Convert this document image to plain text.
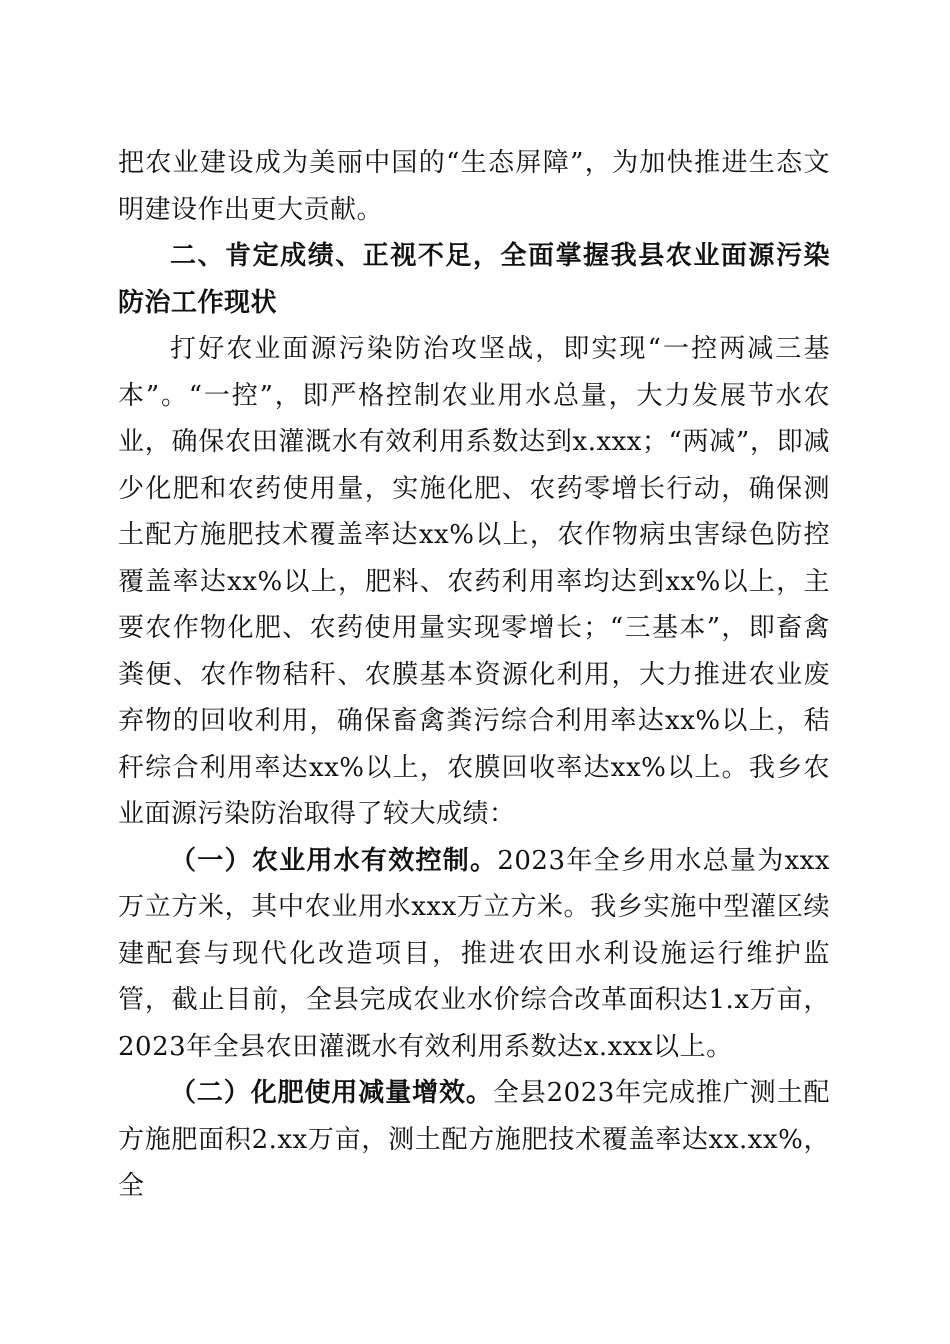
把农业建设成为美丽中国的“生态屏障”，为加快推进生态文明建设作出更大贡献。

二、肯定成绩、正视不足，全面掌握我县农业面源污染防治工作现状

打好农业面源污染防治攻坚战，即实现“一控两减三基本”。“一控”，即严格控制农业用水总量，大力发展节水农业，确保农田灌溉水有效利用系数达到x.xxx；“两减”，即减少化肥和农药使用量，实施化肥、农药零增长行动，确保测土配方施肥技术覆盖率达xx%以上，农作物病虫害绿色防控覆盖率达xx%以上，肥料、农药利用率均达到xx%以上，主要农作物化肥、农药使用量实现零增长；“三基本”，即畜禽粪便、农作物秸秆、农膜基本资源化利用，大力推进农业废弃物的回收利用，确保畜禽粪污综合利用率达xx%以上，秸秆综合利用率达xx%以上，农膜回收率达xx%以上。我乡农业面源污染防治取得了较大成绩：

（一）农业用水有效控制。2023年全乡用水总量为xxx万立方米，其中农业用水xxx万立方米。我乡实施中型灌区续建配套与现代化改造项目，推进农田水利设施运行维护监管，截止目前，全县完成农业水价综合改革面积达1.x万亩，2023年全县农田灌溉水有效利用系数达x.xxx以上。

（二）化肥使用减量增效。全县2023年完成推广测土配方施肥面积2.xx万亩，测土配方施肥技术覆盖率达xx.xx%，全
